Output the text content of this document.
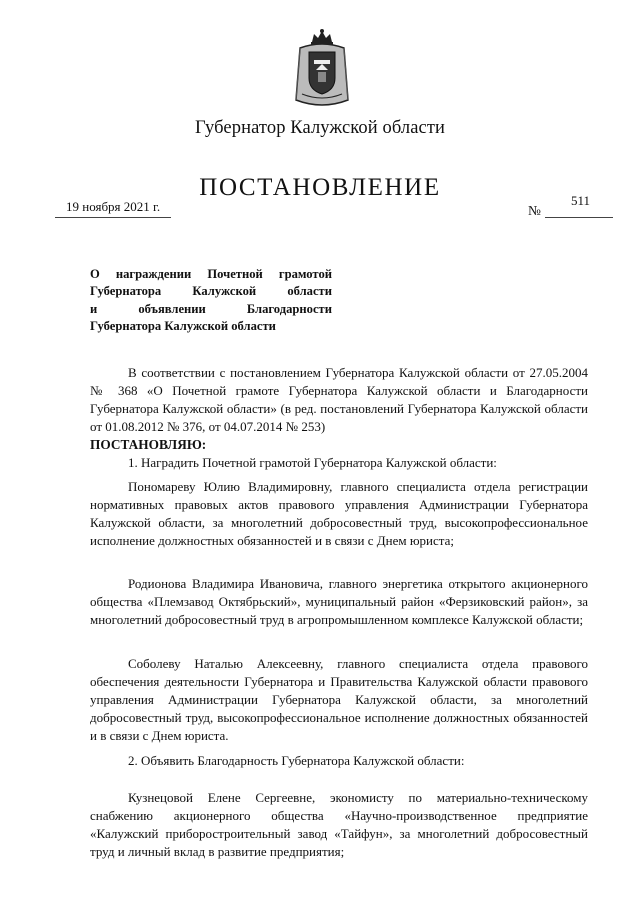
Губернатор Калужской области
ПОСТАНОВЛЕНИЕ
19 ноября 2021 г.	№
511
О награждении Почетной грамотой
Губернатора Калужской области
и объявлении Благодарности
Губернатора Калужской области

В соответствии с постановлением Губернатора Калужской области от 27.05.2004 № 368 «О Почетной грамоте Губернатора Калужской области и Благодарности Губернатора Калужской области» (в ред. постановлений Губернатора Калужской области от 01.08.2012 № 376, от 04.07.2014 № 253)

ПОСТАНОВЛЯЮ:

1. Наградить Почетной грамотой Губернатора Калужской области:

Пономареву Юлию Владимировну, главного специалиста отдела регистрации нормативных правовых актов правового управления Администрации Губернатора Калужской области, за многолетний добросовестный труд, высокопрофессиональное исполнение должностных обязанностей и в связи с Днем юриста;

Родионова Владимира Ивановича, главного энергетика открытого акционерного общества «Племзавод Октябрьский», муниципальный район «Ферзиковский район», за многолетний добросовестный труд в агропромышленном комплексе Калужской области;

Соболеву Наталью Алексеевну, главного специалиста отдела правового обеспечения деятельности Губернатора и Правительства Калужской области правового управления Администрации Губернатора Калужской области, за многолетний добросовестный труд, высокопрофессиональное исполнение должностных обязанностей и в связи с Днем юриста.

2. Объявить Благодарность Губернатора Калужской области:

Кузнецовой Елене Сергеевне, экономисту по материально-техническому снабжению акционерного общества «Научно-производственное предприятие «Калужский приборостроительный завод «Тайфун», за многолетний добросовестный труд и личный вклад в развитие предприятия;
